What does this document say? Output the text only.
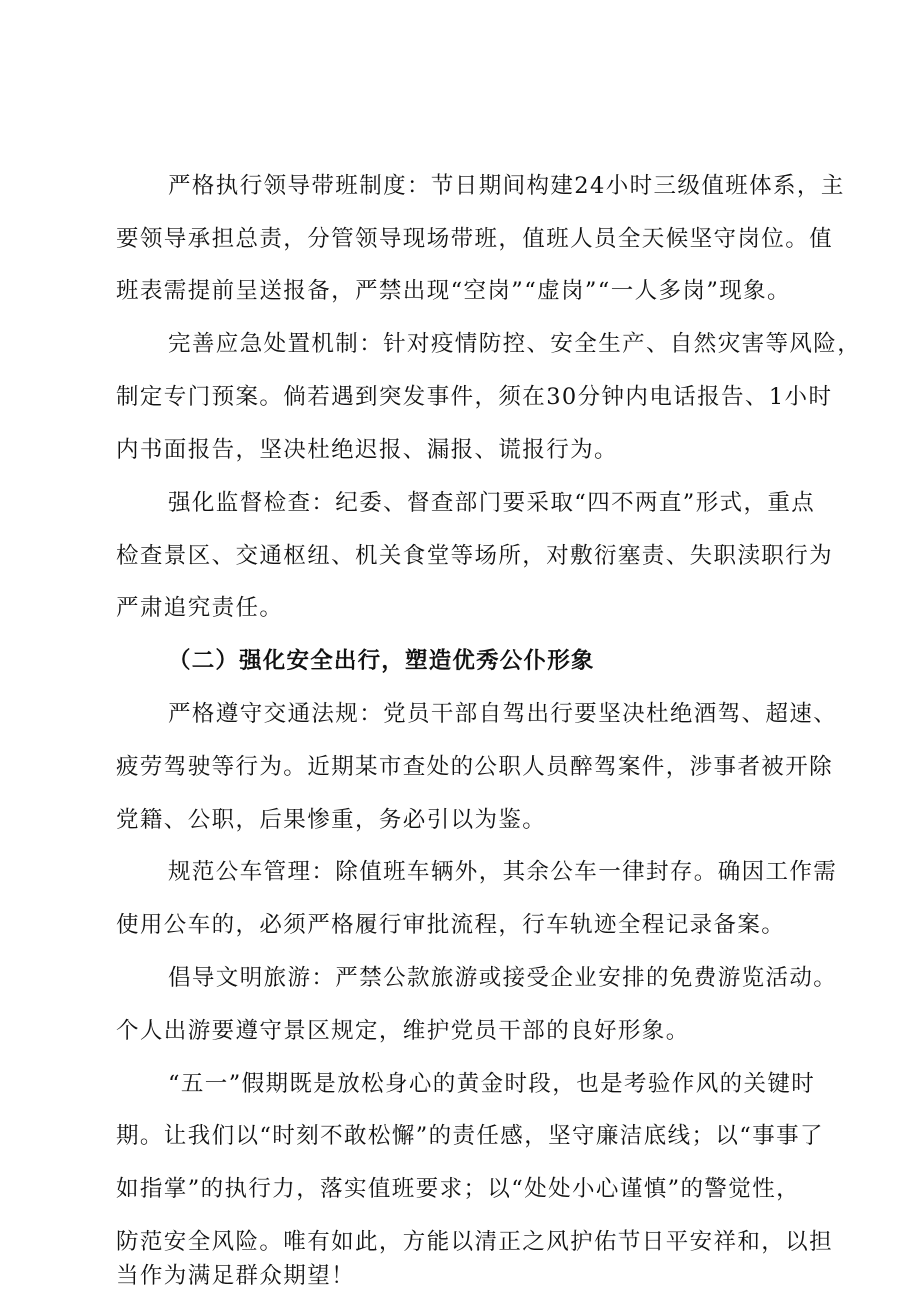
严格执行领导带班制度：节日期间构建24小时三级值班体系，主

要领导承担总责，分管领导现场带班，值班人员全天候坚守岗位。值

班表需提前呈送报备，严禁出现“空岗”“虚岗”“一人多岗”现象。

完善应急处置机制：针对疫情防控、安全生产、自然灾害等风险，

制定专门预案。倘若遇到突发事件，须在30分钟内电话报告、1小时

内书面报告，坚决杜绝迟报、漏报、谎报行为。

强化监督检查：纪委、督查部门要采取“四不两直”形式，重点

检查景区、交通枢纽、机关食堂等场所，对敷衍塞责、失职渎职行为

严肃追究责任。

（二）强化安全出行，塑造优秀公仆形象

严格遵守交通法规：党员干部自驾出行要坚决杜绝酒驾、超速、

疲劳驾驶等行为。近期某市查处的公职人员醉驾案件，涉事者被开除

党籍、公职，后果惨重，务必引以为鉴。

规范公车管理：除值班车辆外，其余公车一律封存。确因工作需

使用公车的，必须严格履行审批流程，行车轨迹全程记录备案。

倡导文明旅游：严禁公款旅游或接受企业安排的免费游览活动。

个人出游要遵守景区规定，维护党员干部的良好形象。

“五一”假期既是放松身心的黄金时段，也是考验作风的关键时

期。让我们以“时刻不敢松懈”的责任感，坚守廉洁底线；以“事事了

如指掌”的执行力，落实值班要求；以“处处小心谨慎”的警觉性，

防范安全风险。唯有如此，方能以清正之风护佑节日平安祥和，以担

当作为满足群众期望！
